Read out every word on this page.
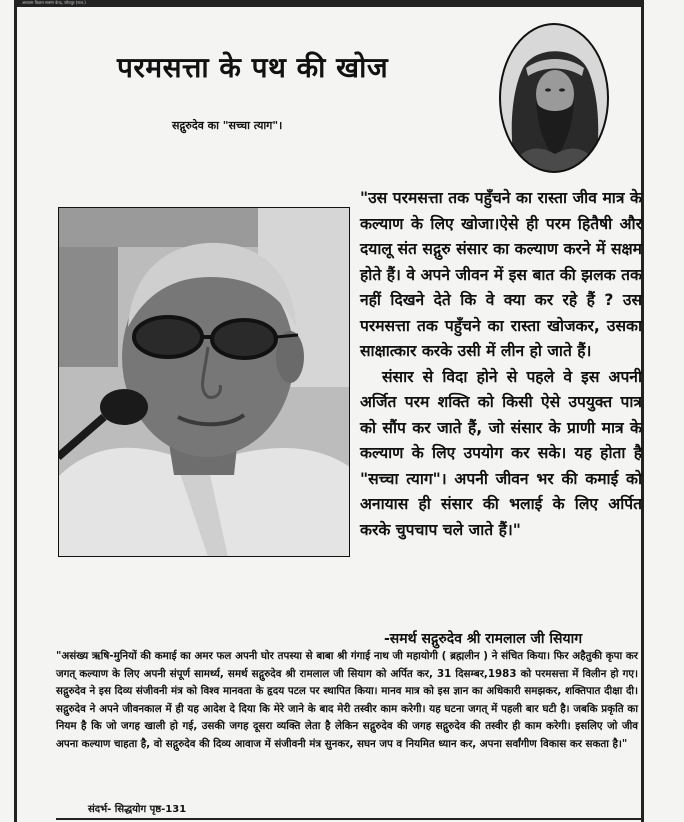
अध्यात्म विज्ञान सत्संग केन्द्र, जोधपुर (राज.)
परमसत्ता के पथ की खोज
सद्गुरुदेव का "सच्चा त्याग"।

"उस परमसत्ता तक पहुँचने का रास्ता जीव मात्र के कल्याण के लिए खोजा।ऐसे ही परम हितैषी और दयालू संत सद्गुरु संसार का कल्याण करने में सक्षम होते हैं। वे अपने जीवन में इस बात की झलक तक नहीं दिखने देते कि वे क्या कर रहे हैं ? उस परमसत्ता तक पहुँचने का रास्ता खोजकर, उसका साक्षात्कार करके उसी में लीन हो जाते हैं।

संसार से विदा होने से पहले वे इस अपनी अर्जित परम शक्ति को किसी ऐसे उपयुक्त पात्र को सौंप कर जाते हैं, जो संसार के प्राणी मात्र के कल्याण के लिए उपयोग कर सके। यह होता है "सच्चा त्याग"। अपनी जीवन भर की कमाई को अनायास ही संसार की भलाई के लिए अर्पित करके चुपचाप चले जाते हैं।"

-समर्थ सद्गुरुदेव श्री रामलाल जी सियाग

"असंख्य ऋषि-मुनियों की कमाई का अमर फल अपनी घोर तपस्या से बाबा श्री गंगाई नाथ जी महायोगी ( ब्रह्मलीन ) ने संचित किया। फिर अहैतुकी कृपा कर जगत् कल्याण के लिए अपनी संपूर्ण सामर्थ्य, समर्थ सद्गुरुदेव श्री रामलाल जी सियाग को अर्पित कर, 31 दिसम्बर,1983 को परमसत्ता में विलीन हो गए। सद्गुरुदेव ने इस दिव्य संजीवनी मंत्र को विश्व मानवता के हृदय पटल पर स्थापित किया। मानव मात्र को इस ज्ञान का अधिकारी समझकर, शक्तिपात दीक्षा दी। सद्गुरुदेव ने अपने जीवनकाल में ही यह आदेश दे दिया कि मेरे जाने के बाद मेरी तस्वीर काम करेगी। यह घटना जगत् में पहली बार घटी है। जबकि प्रकृति का नियम है कि जो जगह खाली हो गई, उसकी जगह दूसरा व्यक्ति लेता है लेकिन सद्गुरुदेव की जगह सद्गुरुदेव की तस्वीर ही काम करेगी। इसलिए जो जीव अपना कल्याण चाहता है, वो सद्गुरुदेव की दिव्य आवाज में संजीवनी मंत्र सुनकर, सघन जप व नियमित ध्यान कर, अपना सर्वांगीण विकास कर सकता है।"

संदर्भ- सिद्धयोग पृष्ठ-131
